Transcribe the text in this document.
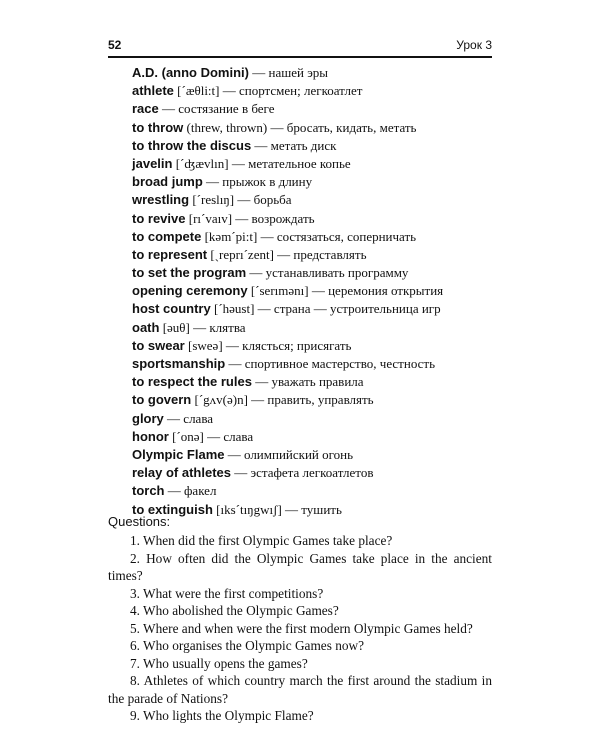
52	Урок 3
A.D. (anno Domini) — нашей эры
athlete [ˊæθli:t] — спортсмен; легкоатлет
race — состязание в беге
to throw (threw, thrown) — бросать, кидать, метать
to throw the discus — метать диск
javelin [ˊʤævlın] — метательное копье
broad jump — прыжок в длину
wrestling [ˊreslıŋ] — борьба
to revive [rıˊvaıv] — возрождать
to compete [kəmˊpi:t] — состязаться, соперничать
to represent [ˏreprıˊzent] — представлять
to set the program — устанавливать программу
opening ceremony [ˊserımənı] — церемония открытия
host country [ˊhəust] — страна — устроительница игр
oath [əuθ] — клятва
to swear [sweə] — клясться; присягать
sportsmanship — спортивное мастерство, честность
to respect the rules — уважать правила
to govern [ˊgʌv(ə)n] — править, управлять
glory — слава
honor [ˊonə] — слава
Olympic Flame — олимпийский огонь
relay of athletes — эстафета легкоатлетов
torch — факел
to extinguish [ıksˊtıŋgwıʃ] — тушить
Questions:
1. When did the first Olympic Games take place?
2. How often did the Olympic Games take place in the ancient times?
3. What were the first competitions?
4. Who abolished the Olympic Games?
5. Where and when were the first modern Olympic Games held?
6. Who organises the Olympic Games now?
7. Who usually opens the games?
8. Athletes of which country march the first around the stadium in the parade of Nations?
9. Who lights the Olympic Flame?
